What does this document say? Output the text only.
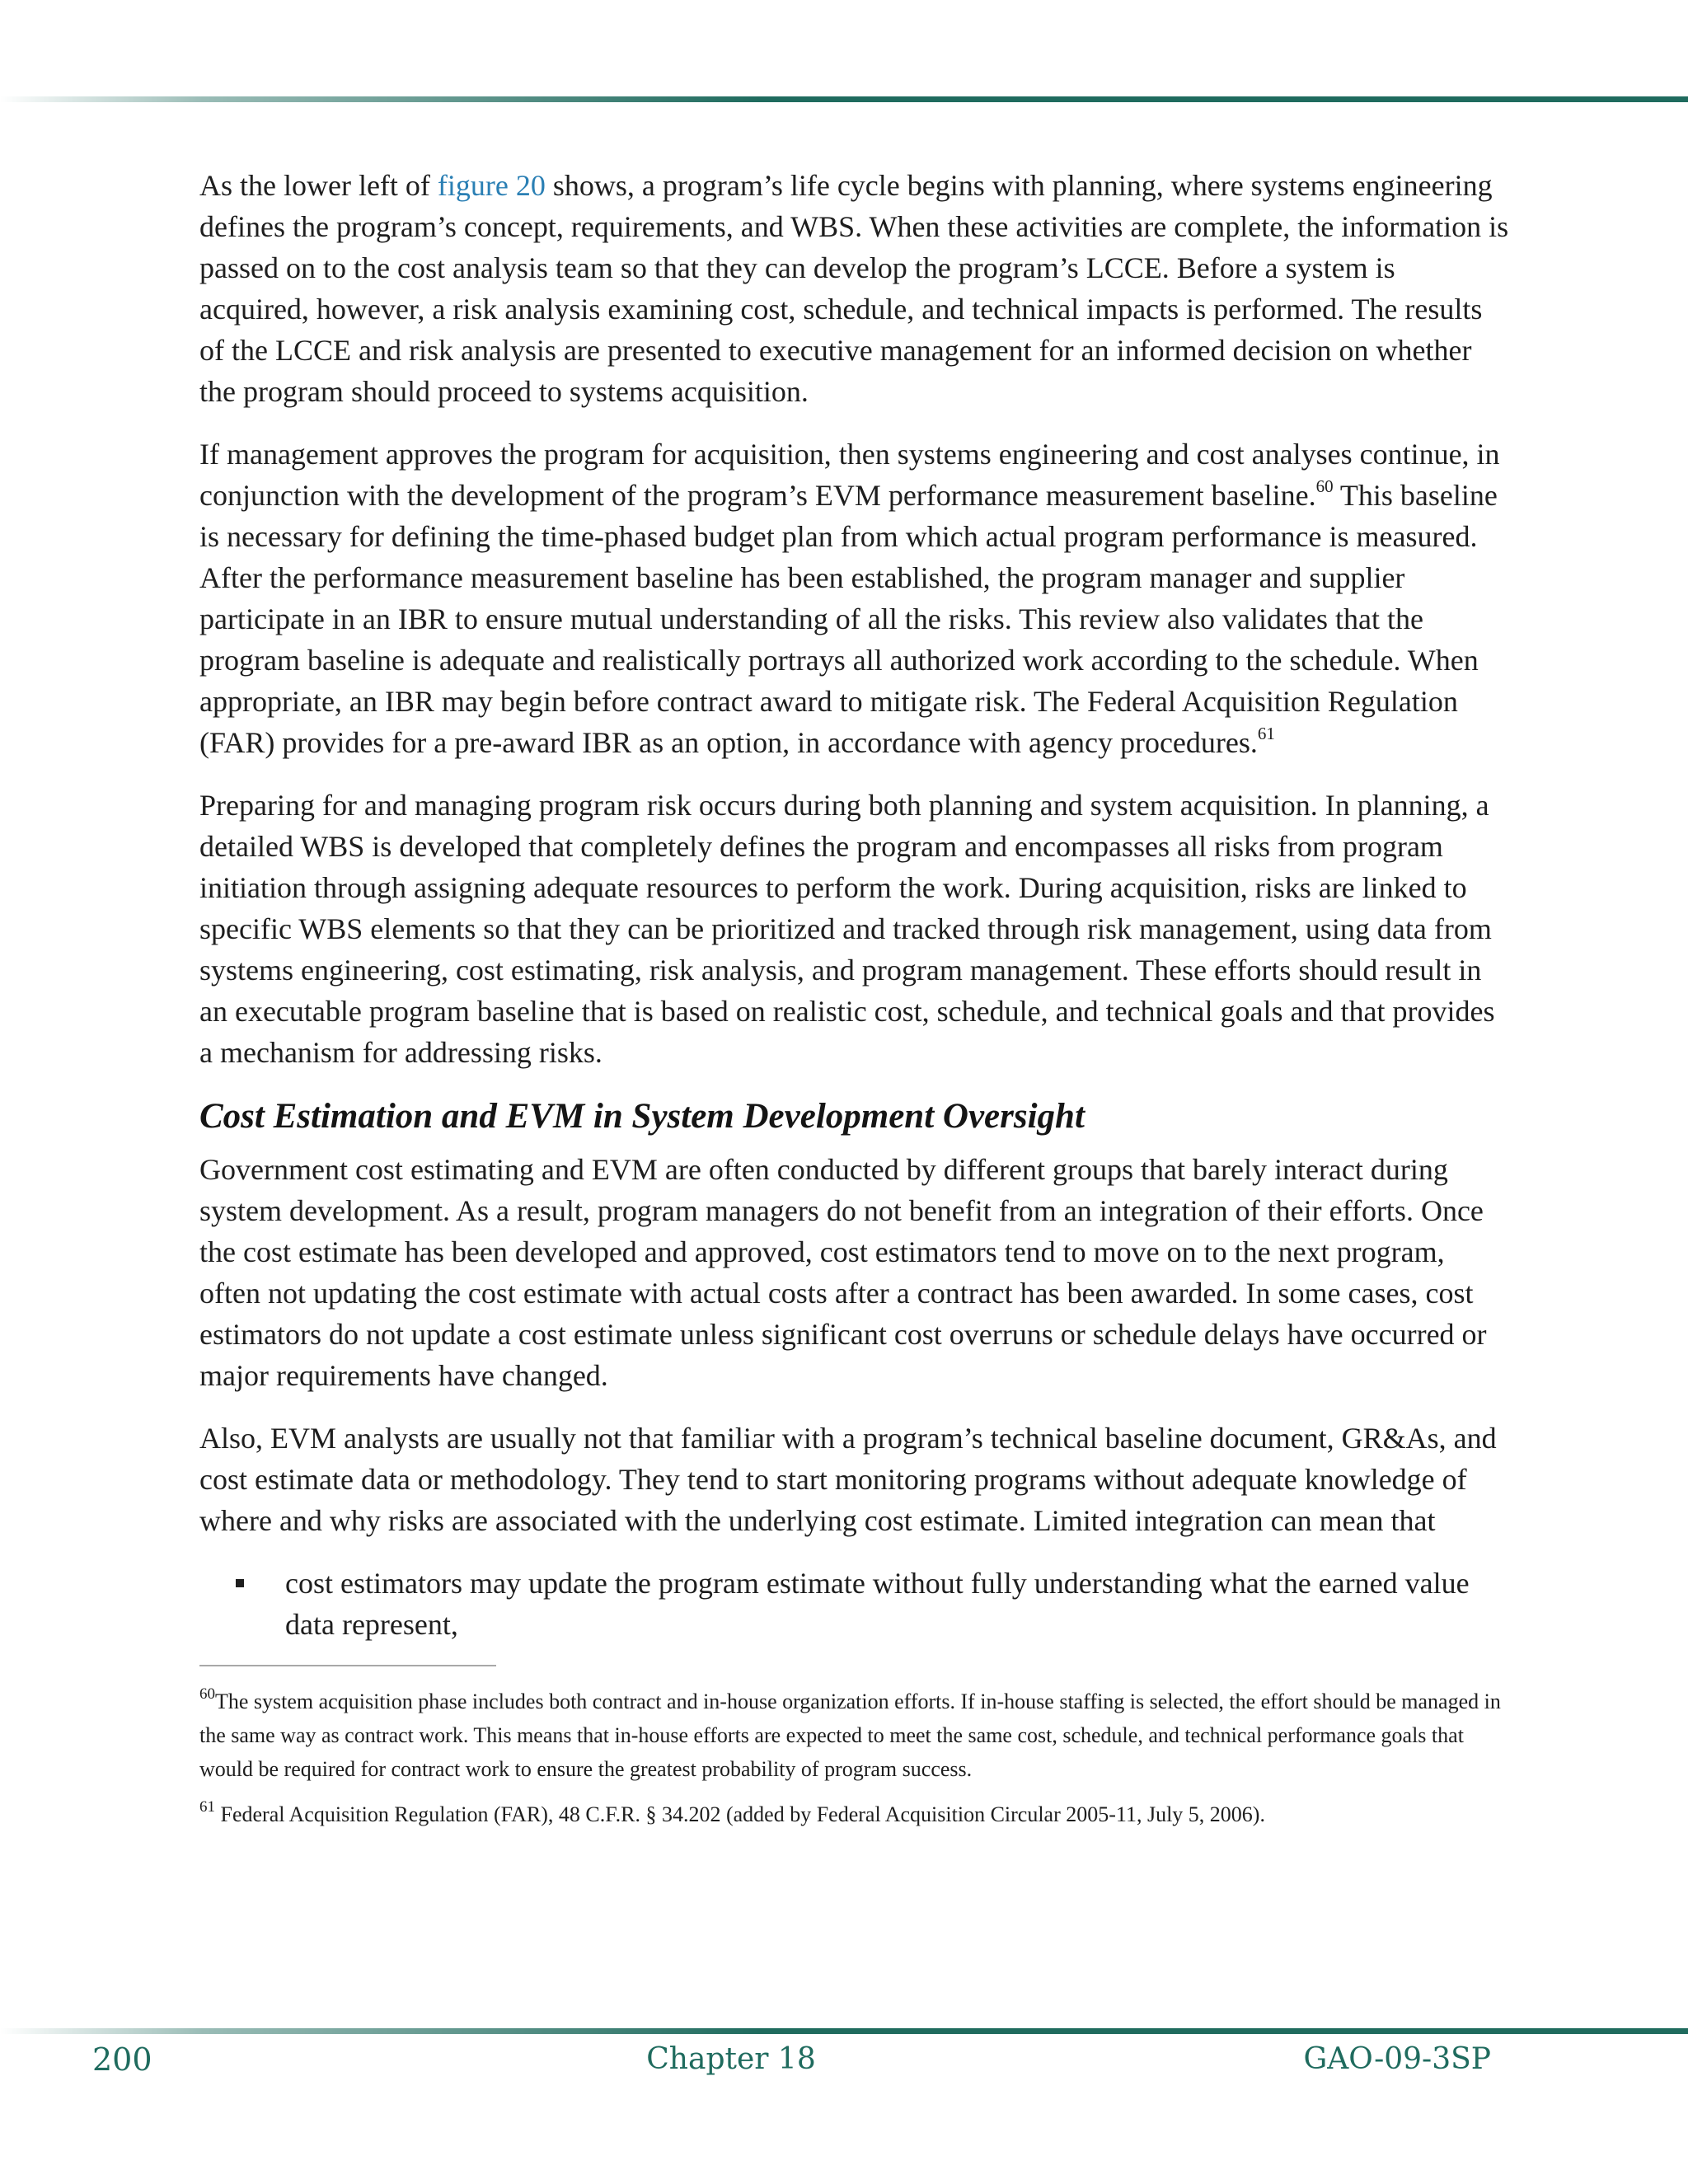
As the lower left of figure 20 shows, a program’s life cycle begins with planning, where systems engineering defines the program’s concept, requirements, and WBS. When these activities are complete, the information is passed on to the cost analysis team so that they can develop the program’s LCCE. Before a system is acquired, however, a risk analysis examining cost, schedule, and technical impacts is performed. The results of the LCCE and risk analysis are presented to executive management for an informed decision on whether the program should proceed to systems acquisition.

If management approves the program for acquisition, then systems engineering and cost analyses continue, in conjunction with the development of the program’s EVM performance measurement baseline.$^{60}$ This baseline is necessary for defining the time-phased budget plan from which actual program performance is measured. After the performance measurement baseline has been established, the program manager and supplier participate in an IBR to ensure mutual understanding of all the risks. This review also validates that the program baseline is adequate and realistically portrays all authorized work according to the schedule. When appropriate, an IBR may begin before contract award to mitigate risk. The Federal Acquisition Regulation (FAR) provides for a pre-award IBR as an option, in accordance with agency procedures.$^{61}$

Preparing for and managing program risk occurs during both planning and system acquisition. In planning, a detailed WBS is developed that completely defines the program and encompasses all risks from program initiation through assigning adequate resources to perform the work. During acquisition, risks are linked to specific WBS elements so that they can be prioritized and tracked through risk management, using data from systems engineering, cost estimating, risk analysis, and program management. These efforts should result in an executable program baseline that is based on realistic cost, schedule, and technical goals and that provides a mechanism for addressing risks.

Cost Estimation and EVM in System Development Oversight

Government cost estimating and EVM are often conducted by different groups that barely interact during system development. As a result, program managers do not benefit from an integration of their efforts. Once the cost estimate has been developed and approved, cost estimators tend to move on to the next program, often not updating the cost estimate with actual costs after a contract has been awarded. In some cases, cost estimators do not update a cost estimate unless significant cost overruns or schedule delays have occurred or major requirements have changed.

Also, EVM analysts are usually not that familiar with a program’s technical baseline document, GR&As, and cost estimate data or methodology. They tend to start monitoring programs without adequate knowledge of where and why risks are associated with the underlying cost estimate. Limited integration can mean that

cost estimators may update the program estimate without fully understanding what the earned value data represent,

$^{60}$The system acquisition phase includes both contract and in-house organization efforts. If in-house staffing is selected, the effort should be managed in the same way as contract work. This means that in-house efforts are expected to meet the same cost, schedule, and technical performance goals that would be required for contract work to ensure the greatest probability of program success.

$^{61}$ Federal Acquisition Regulation (FAR), 48 C.F.R. § 34.202 (added by Federal Acquisition Circular 2005-11, July 5, 2006).

200	Chapter 18	GAO-09-3SP
